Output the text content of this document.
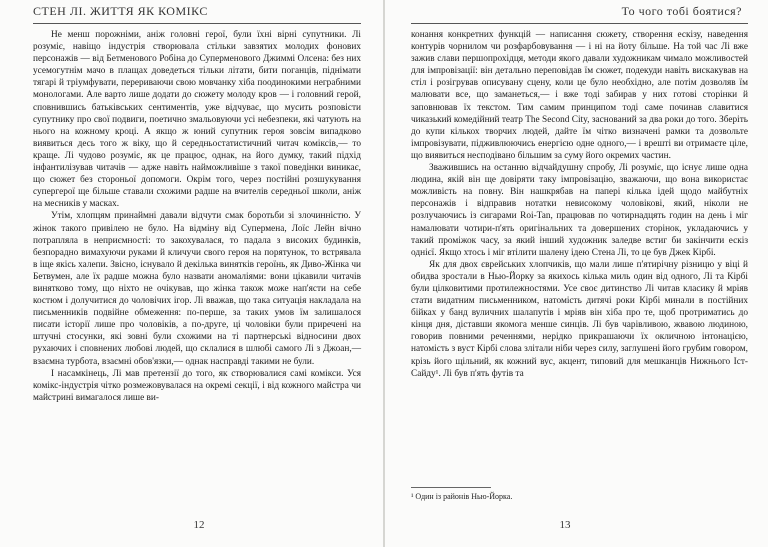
СТЕН ЛІ. ЖИТТЯ ЯК КОМІКС

Не менш порожніми, аніж головні герої, були їхні вірні супутники. Лі розуміє, навіщо індустрія створювала стільки завзятих молодих фонових персонажів — від Бетменового Робіна до Суперменового Джиммі Олсена: без них усемогутнім мачо в плащах доведеться тільки літати, бити поганців, піднімати тягарі й тріумфувати, перериваючи свою мовчанку хіба поодинокими неграбними монологами. Але варто лише додати до сюжету молоду кров — і головний герой, сповнившись батьківських сентиментів, уже відчуває, що мусить розповісти супутнику про свої подвиги, поетично змальовуючи усі небезпеки, які чатують на нього на кожному кроці. А якщо ж юний супутник героя зовсім випадково виявиться десь того ж віку, що й середньостатистичний читач коміксів,— то краще. Лі чудово розуміє, як це працює, однак, на його думку, такий підхід інфантилізував читачів — адже навіть найможливіше з такої поведінки виникає, що сюжет без стороньої допомоги. Окрім того, через постійні розшукування супергерої ще більше ставали схожими радше на вчителів середньої школи, аніж на месників у масках.

Утім, хлопцям принаймні давали відчути смак боротьби зі злочинністю. У жінок такого привілею не було. На відміну від Супермена, Лоїс Лейн вічно потрапляла в неприємності: то закохувалася, то падала з високих будинків, безпорадно вимахуючи руками й кличучи свого героя на порятунок, то встрявала в іще якісь халепи. Звісно, існувало й декілька винятків героїнь, як Диво-Жінка чи Бетвумен, але їх радше можна було назвати аномаліями: вони цікавили читачів винятково тому, що ніхто не очікував, що жінка також може нап'ясти на себе костюм і долучитися до чоловічих ігор. Лі вважав, що така ситуація накладала на письменників подвійне обмеження: по-перше, за таких умов їм залишалося писати історії лише про чоловіків, а по-друге, ці чоловіки були приречені на штучні стосунки, які зовні були схожими на ті партнерські відносини двох рухаючих і сповнених любові людей, що склалися в шлюбі самого Лі з Джоан,— взаємна турбота, взаємні обов'язки,— однак насправді такими не були.

І насамкінець, Лі мав претензії до того, як створювалися самі комікси. Уся комікс-індустрія чітко розмежовувалася на окремі секції, і від кожного майстра чи майстрині вимагалося лише ви-

12
То чого тобі боятися?

конання конкретних функцій — написання сюжету, створення ескізу, наведення контурів чорнилом чи розфарбовування — і ні на йоту більше. На той час Лі вже зажив слави першопрохідця, методи якого давали художникам чимало можливостей для імпровізації: він детально переповідав їм сюжет, подекуди навіть вискакував на стіл і розігрував описувану сцену, коли це було необхідно, але потім дозволяв їм малювати все, що заманеться,— і вже тоді забирав у них готові сторінки й заповнював їх текстом. Тим самим принципом тоді саме починав славитися чиказький комедійний театр The Second City, заснований за два роки до того. Зберіть до купи кількох творчих людей, дайте їм чітко визначені рамки та дозвольте імпровізувати, підживлюючись енергією одне одного,— і врешті ви отримаєте ціле, що виявиться несподівано більшим за суму його окремих частин.

Зважившись на останню відчайдушну спробу, Лі розуміє, що існує лише одна людина, якій він ще довіряти таку імпровізацію, зважаючи, що вона використає можливість на повну. Він нашкрябав на папері кілька ідей щодо майбутніх персонажів і відправив нотатки невисокому чоловікові, який, ніколи не розлучаючись із сигарами Roi-Tan, працював по чотирнадцять годин на день і міг намалювати чотири-п'ять оригінальних та довершених сторінок, укладаючись у такий проміжок часу, за який інший художник заледве встиг би закінчити ескіз однієї. Якщо хтось і міг втілити шалену ідею Стена Лі, то це був Джек Кірбі.

Як для двох єврейських хлопчиків, що мали лише п'ятирічну різницю у віці й обидва зростали в Нью-Йорку за якихось кілька миль один від одного, Лі та Кірбі були цілковитими протилежностями. Усе своє дитинство Лі читав класику й мріяв стати видатним письменником, натомість дитячі роки Кірбі минали в постійних бійках у банд вуличних шалапутів і мріяв він хіба про те, щоб протриматись до кінця дня, діставши якомога менше синців. Лі був чарівливою, жвавою людиною, говорив повними реченнями, нерідко прикрашаючи їх окличною інтонацією, натомість з вуст Кірбі слова злітали ніби через силу, заглушені його грубим говором, крізь його щільний, як кожний вус, акцент, типовий для мешканців Нижнього Іст-Сайду¹. Лі був п'ять футів та

¹ Один із районів Нью-Йорка.
13
